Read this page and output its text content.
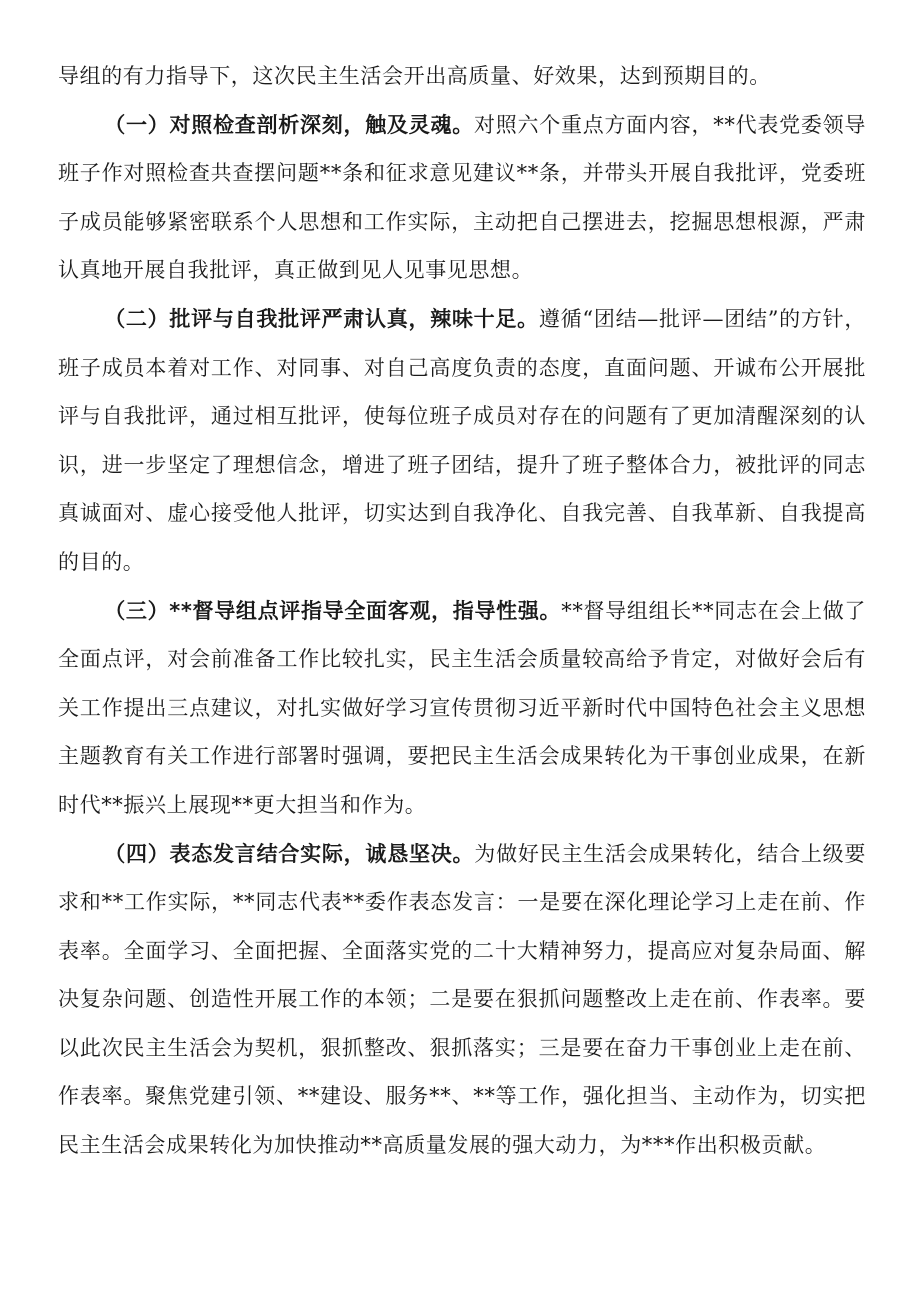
导组的有力指导下，这次民主生活会开出高质量、好效果，达到预期目的。

（一）对照检查剖析深刻，触及灵魂。对照六个重点方面内容，**代表党委领导班子作对照检查共查摆问题**条和征求意见建议**条，并带头开展自我批评，党委班子成员能够紧密联系个人思想和工作实际，主动把自己摆进去，挖掘思想根源，严肃认真地开展自我批评，真正做到见人见事见思想。

（二）批评与自我批评严肃认真，辣味十足。遵循“团结—批评—团结”的方针，班子成员本着对工作、对同事、对自己高度负责的态度，直面问题、开诚布公开展批评与自我批评，通过相互批评，使每位班子成员对存在的问题有了更加清醒深刻的认识，进一步坚定了理想信念，增进了班子团结，提升了班子整体合力，被批评的同志真诚面对、虚心接受他人批评，切实达到自我净化、自我完善、自我革新、自我提高的目的。

（三）**督导组点评指导全面客观，指导性强。**督导组组长**同志在会上做了全面点评，对会前准备工作比较扎实，民主生活会质量较高给予肯定，对做好会后有关工作提出三点建议，对扎实做好学习宣传贯彻习近平新时代中国特色社会主义思想主题教育有关工作进行部署时强调，要把民主生活会成果转化为干事创业成果，在新时代**振兴上展现**更大担当和作为。

（四）表态发言结合实际，诚恳坚决。为做好民主生活会成果转化，结合上级要求和**工作实际，**同志代表**委作表态发言：一是要在深化理论学习上走在前、作表率。全面学习、全面把握、全面落实党的二十大精神努力，提高应对复杂局面、解决复杂问题、创造性开展工作的本领；二是要在狠抓问题整改上走在前、作表率。要以此次民主生活会为契机，狠抓整改、狠抓落实；三是要在奋力干事创业上走在前、作表率。聚焦党建引领、**建设、服务**、**等工作，强化担当、主动作为，切实把民主生活会成果转化为加快推动**高质量发展的强大动力，为***作出积极贡献。
